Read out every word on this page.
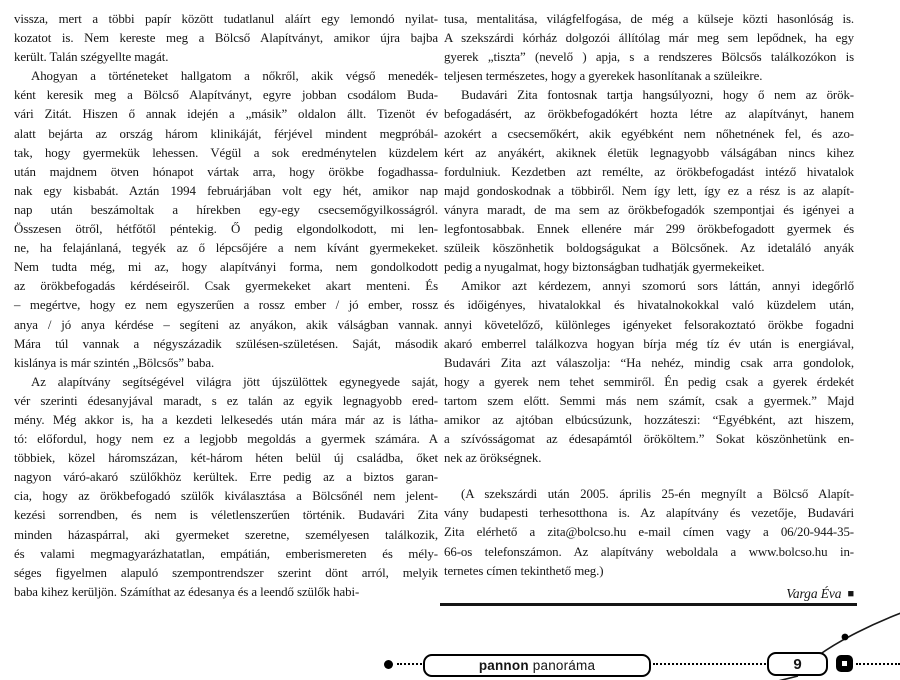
vissza, mert a többi papír között tudatlanul aláírt egy lemondó nyilat-
kozatot is. Nem kereste meg a Bölcső Alapítványt, amikor újra bajba
került. Talán szégyellte magát.
Ahogyan a történeteket hallgatom a nőkről, akik végső menedék-
ként keresik meg a Bölcső Alapítványt, egyre jobban csodálom Buda-
vári Zitát. Hiszen ő annak idején a „másik” oldalon állt. Tizenöt év
alatt bejárta az ország három klinikáját, férjével mindent megpróbál-
tak, hogy gyermekük lehessen. Végül a sok eredménytelen küzdelem
után majdnem ötven hónapot vártak arra, hogy örökbe fogadhassa-
nak egy kisbabát. Aztán 1994 februárjában volt egy hét, amikor nap
nap után beszámoltak a hírekben egy-egy csecsemőgyilkosságról.
Összesen ötről, hétfőtől péntekig. Ő pedig elgondolkodott, mi len-
ne, ha felajánlaná, tegyék az ő lépcsőjére a nem kívánt gyermekeket.
Nem tudta még, mi az, hogy alapítványi forma, nem gondolkodott
az örökbefogadás kérdéseiről. Csak gyermekeket akart menteni. És
– megértve, hogy ez nem egyszerűen a rossz ember / jó ember, rossz
anya / jó anya kérdése – segíteni az anyákon, akik válságban vannak.
Mára túl vannak a négyszázadik szülésen-születésen. Saját, második
kislánya is már szintén „Bölcsős” baba.
Az alapítvány segítségével világra jött újszülöttek egynegyede saját,
vér szerinti édesanyjával maradt, s ez talán az egyik legnagyobb ered-
mény. Még akkor is, ha a kezdeti lelkesedés után mára már az is látha-
tó: előfordul, hogy nem ez a legjobb megoldás a gyermek számára. A
többiek, közel háromszázan, két-három héten belül új családba, őket
nagyon váró-akaró szülőkhöz kerültek. Erre pedig az a biztos garan-
cia, hogy az örökbefogadó szülők kiválasztása a Bölcsőnél nem jelent-
kezési sorrendben, és nem is véletlenszerűen történik. Budavári Zita
minden házaspárral, aki gyermeket szeretne, személyesen találkozik,
és valami megmagyarázhatatlan, empátián, emberismereten és mély-
séges figyelmen alapuló szempontrendszer szerint dönt arról, melyik
baba kihez kerüljön. Számíthat az édesanya és a leendő szülők habi-
tusa, mentalitása, világfelfogása, de még a külseje közti hasonlóság is.
A szekszárdi kórház dolgozói állítólag már meg sem lepődnek, ha egy
gyerek „tiszta” (nevelő ) apja, s a rendszeres Bölcsős találkozókon is
teljesen természetes, hogy a gyerekek hasonlítanak a szüleikre.
Budavári Zita fontosnak tartja hangsúlyozni, hogy ő nem az örök-
befogadásért, az örökbefogadókért hozta létre az alapítványt, hanem
azokért a csecsemőkért, akik egyébként nem nőhetnének fel, és azo-
kért az anyákért, akiknek életük legnagyobb válságában nincs kihez
fordulniuk. Kezdetben azt remélte, az örökbefogadást intéző hivatalok
majd gondoskodnak a többiről. Nem így lett, így ez a rész is az alapít-
ványra maradt, de ma sem az örökbefogadók szempontjai és igényei a
legfontosabbak. Ennek ellenére már 299 örökbefogadott gyermek és
szüleik köszönhetik boldogságukat a Bölcsőnek. Az idetaláló anyák
pedig a nyugalmat, hogy biztonságban tudhatják gyermekeiket.
Amikor azt kérdezem, annyi szomorú sors láttán, annyi idegőrlő
és időigényes, hivatalokkal és hivatalnokokkal való küzdelem után,
annyi követelőző, különleges igényeket felsorakoztató örökbe fogadni
akaró emberrel találkozva hogyan bírja még tíz év után is energiával,
Budavári Zita azt válaszolja: “Ha nehéz, mindig csak arra gondolok,
hogy a gyerek nem tehet semmiről. Én pedig csak a gyerek érdekét
tartom szem előtt. Semmi más nem számít, csak a gyermek.” Majd
amikor az ajtóban elbúcsúzunk, hozzáteszi: “Egyébként, azt hiszem,
a szívósságomat az édesapámtól örököltem.” Sokat köszönhetünk en-
nek az örökségnek.
(A szekszárdi után 2005. április 25-én megnyílt a Bölcső Alapít-
vány budapesti terhesotthona is. Az alapítvány és vezetője, Budavári
Zita elérhető a zita@bolcso.hu e-mail címen vagy a 06/20-944-35-
66-os telefonszámon. Az alapítvány weboldala a www.bolcso.hu in-
ternetes címen tekinthető meg.)
Varga Éva ■
pannon panoráma	9
